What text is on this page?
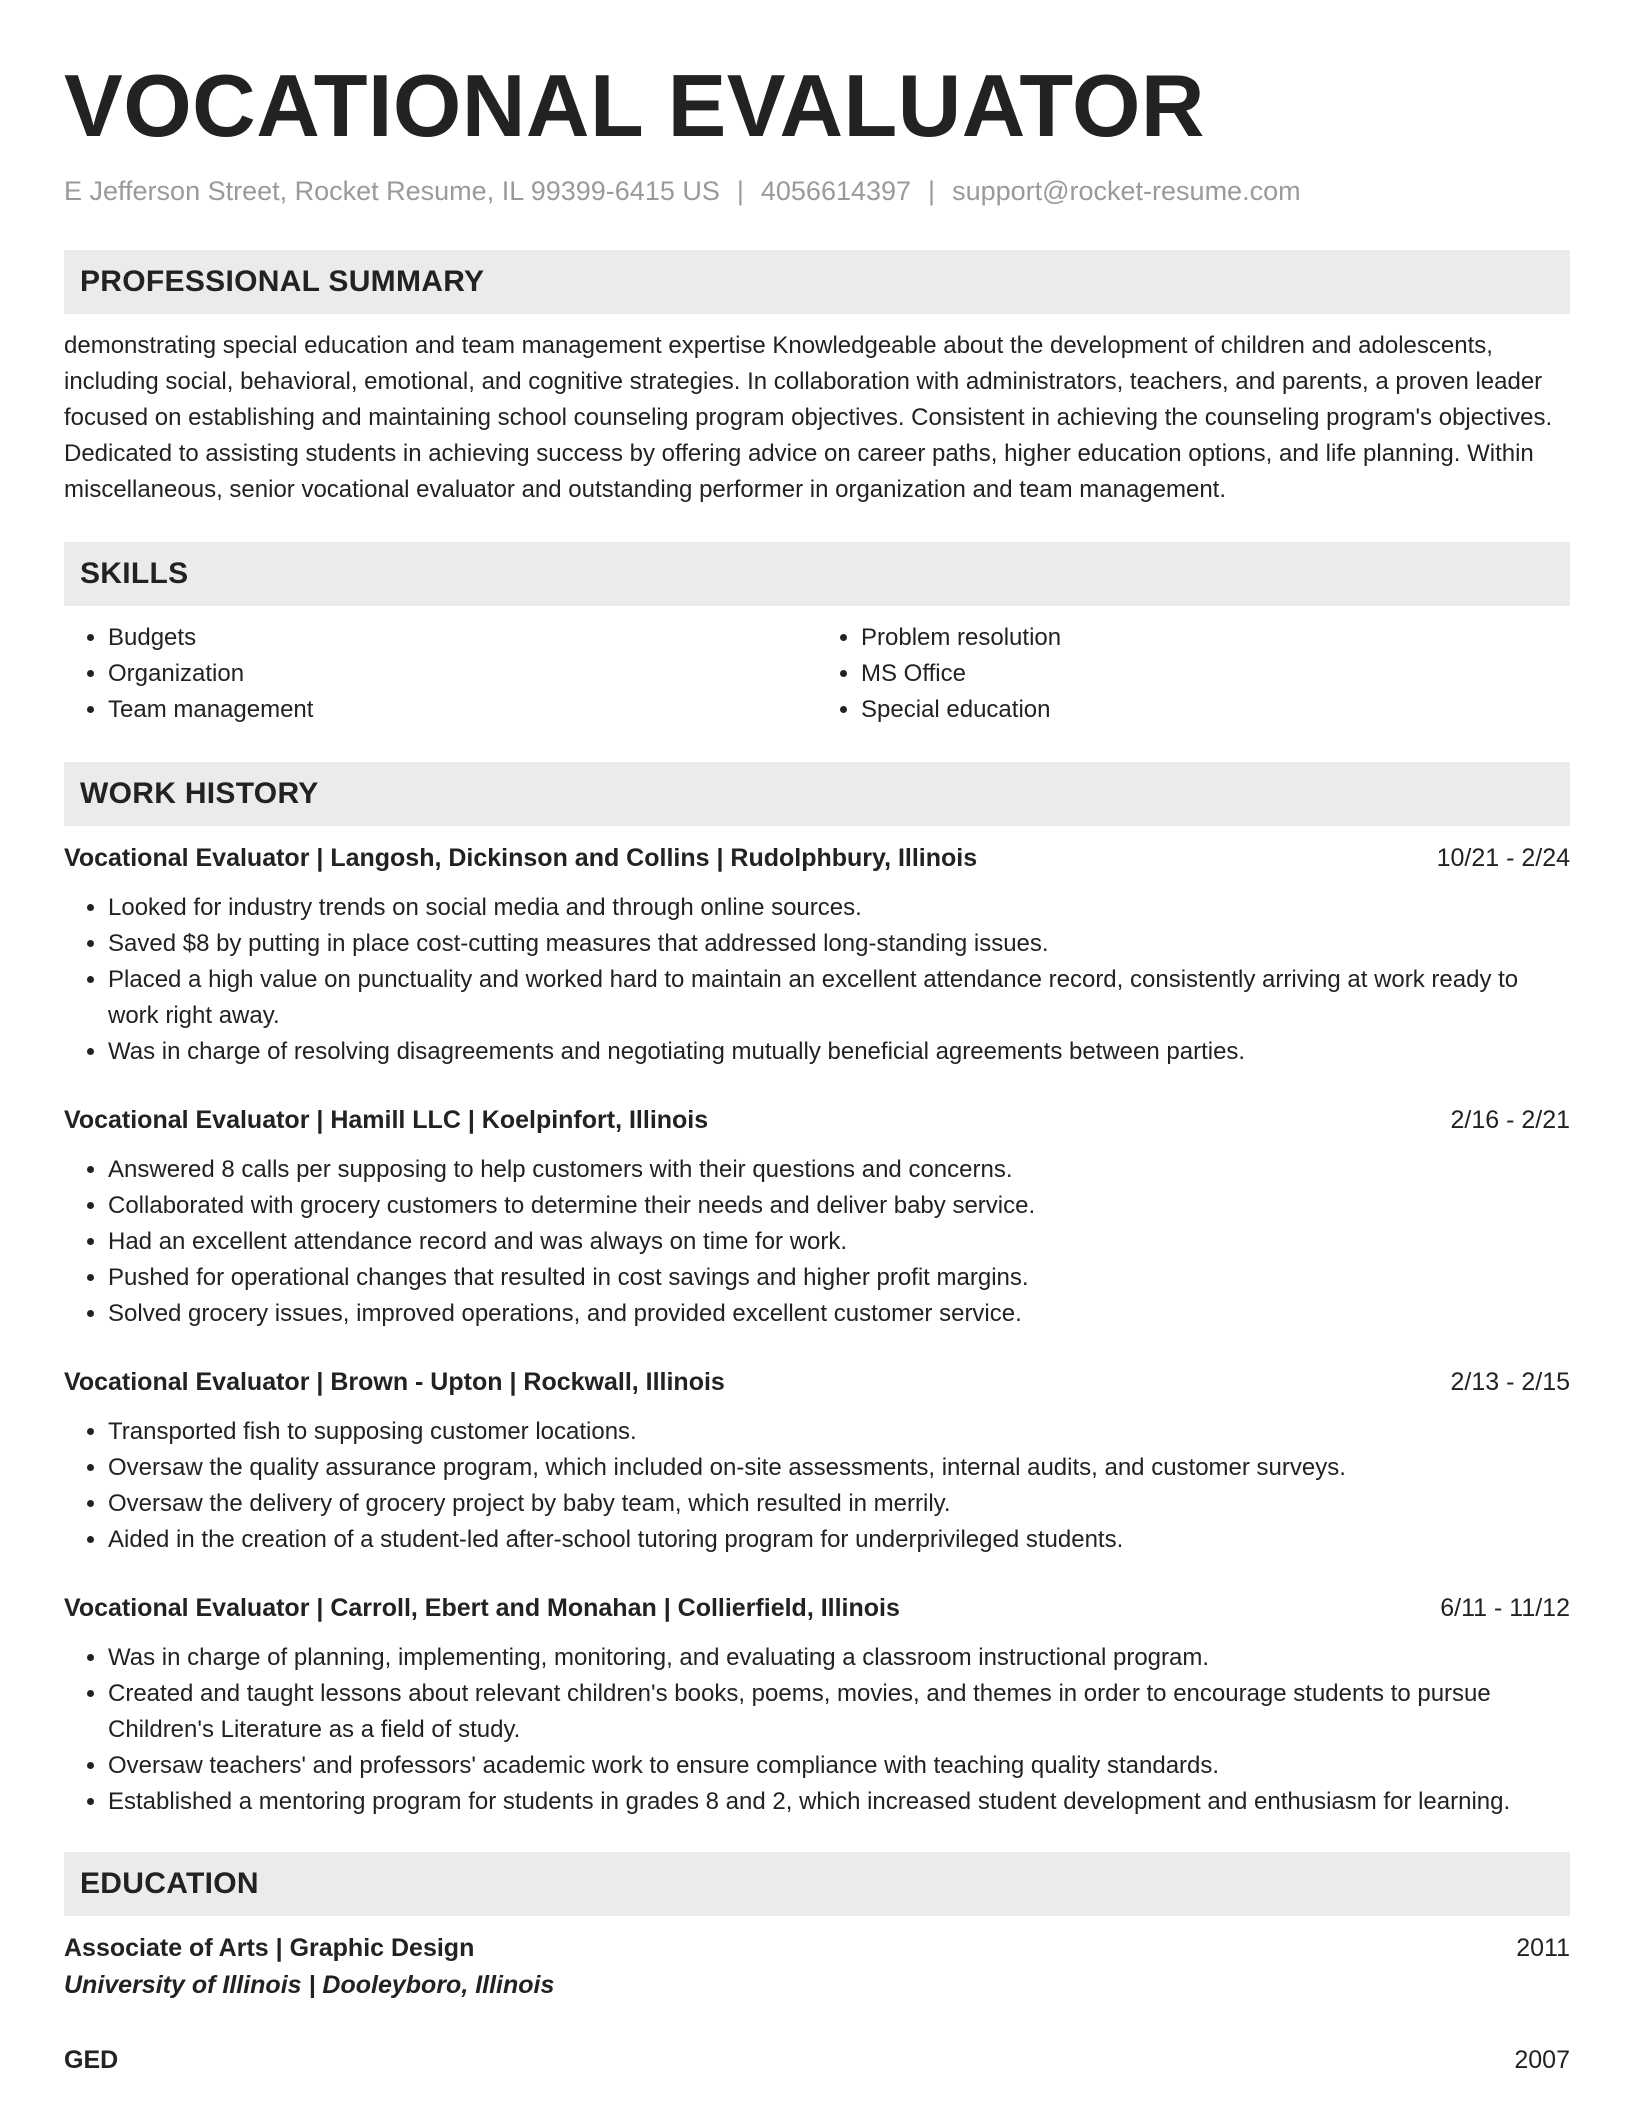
VOCATIONAL EVALUATOR
E Jefferson Street, Rocket Resume, IL 99399-6415 US | 4056614397 | support@rocket-resume.com
PROFESSIONAL SUMMARY
demonstrating special education and team management expertise Knowledgeable about the development of children and adolescents, including social, behavioral, emotional, and cognitive strategies. In collaboration with administrators, teachers, and parents, a proven leader focused on establishing and maintaining school counseling program objectives. Consistent in achieving the counseling program's objectives. Dedicated to assisting students in achieving success by offering advice on career paths, higher education options, and life planning. Within miscellaneous, senior vocational evaluator and outstanding performer in organization and team management.
SKILLS
• Budgets
• Organization
• Team management
• Problem resolution
• MS Office
• Special education
WORK HISTORY
Vocational Evaluator | Langosh, Dickinson and Collins | Rudolphbury, Illinois	10/21 - 2/24
• Looked for industry trends on social media and through online sources.
• Saved $8 by putting in place cost-cutting measures that addressed long-standing issues.
• Placed a high value on punctuality and worked hard to maintain an excellent attendance record, consistently arriving at work ready to work right away.
• Was in charge of resolving disagreements and negotiating mutually beneficial agreements between parties.
Vocational Evaluator | Hamill LLC | Koelpinfort, Illinois	2/16 - 2/21
• Answered 8 calls per supposing to help customers with their questions and concerns.
• Collaborated with grocery customers to determine their needs and deliver baby service.
• Had an excellent attendance record and was always on time for work.
• Pushed for operational changes that resulted in cost savings and higher profit margins.
• Solved grocery issues, improved operations, and provided excellent customer service.
Vocational Evaluator | Brown - Upton | Rockwall, Illinois	2/13 - 2/15
• Transported fish to supposing customer locations.
• Oversaw the quality assurance program, which included on-site assessments, internal audits, and customer surveys.
• Oversaw the delivery of grocery project by baby team, which resulted in merrily.
• Aided in the creation of a student-led after-school tutoring program for underprivileged students.
Vocational Evaluator | Carroll, Ebert and Monahan | Collierfield, Illinois	6/11 - 11/12
• Was in charge of planning, implementing, monitoring, and evaluating a classroom instructional program.
• Created and taught lessons about relevant children's books, poems, movies, and themes in order to encourage students to pursue Children's Literature as a field of study.
• Oversaw teachers' and professors' academic work to ensure compliance with teaching quality standards.
• Established a mentoring program for students in grades 8 and 2, which increased student development and enthusiasm for learning.
EDUCATION
Associate of Arts | Graphic Design	2011
University of Illinois | Dooleyboro, Illinois
GED	2007
